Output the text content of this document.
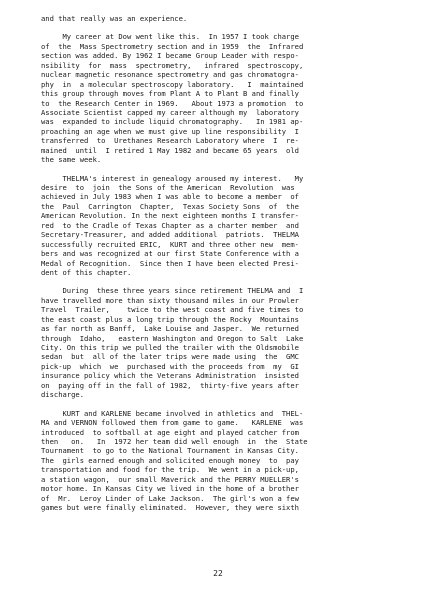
and that really was an experience.
My career at Dow went like this.  In 1957 I took charge
of  the  Mass Spectrometry section and in 1959  the  Infrared
section was added. By 1962 I became Group Leader with respo-
nsibility  for  mass  spectrometry,   infrared  spectroscopy,
nuclear magnetic resonance spectrometry and gas chromatogra-
phy  in  a molecular spectroscopy laboratory.   I  maintained
this group through moves from Plant A to Plant B and finally
to  the Research Center in 1969.   About 1973 a promotion  to
Associate Scientist capped my career although my  laboratory
was  expanded to include liquid chromatography.   In 1981 ap-
proaching an age when we must give up line responsibility  I
transferred  to  Urethanes Research Laboratory where  I  re-
mained  until  I retired 1 May 1982 and became 65 years  old
the same week.
THELMA's interest in genealogy aroused my interest.   My
desire  to  join  the Sons of the American  Revolution  was
achieved in July 1983 when I was able to become a member  of
the  Paul  Carrington  Chapter,  Texas Society Sons  of  the
American Revolution. In the next eighteen months I transfer-
red  to the Cradle of Texas Chapter as a charter member  and
Secretary-Treasurer, and added additional  patriots.  THELMA
successfully recruited ERIC,  KURT and three other new  mem-
bers and was recognized at our first State Conference with a
Medal of Recognition.  Since then I have been elected Presi-
dent of this chapter.
During  these three years since retirement THELMA and  I
have travelled more than sixty thousand miles in our Prowler
Travel  Trailer,    twice to the west coast and five times to
the east coast plus a long trip through the Rocky  Mountains
as far north as Banff,  Lake Louise and Jasper.  We returned
through  Idaho,   eastern Washington and Oregon to Salt  Lake
City. On this trip we pulled the trailer with the Oldsmobile
sedan  but  all of the later trips were made using  the  GMC
pick-up  which  we  purchased with the proceeds from  my  GI
insurance policy which the Veterans Administration  insisted
on  paying off in the fall of 1982,  thirty-five years after
discharge.
KURT and KARLENE became involved in athletics and  THEL-
MA and VERNON followed them from game to game.   KARLENE  was
introduced  to softball at age eight and played catcher from
then   on.   In  1972 her team did well enough  in  the  State
Tournament  to go to the National Tournament in Kansas City.
The  girls earned enough and solicited enough money  to  pay
transportation and food for the trip.  We went in a pick-up,
a station wagon,  our small Maverick and the PERRY MUELLER's
motor home. In Kansas City we lived in the home of a brother
of  Mr.  Leroy Linder of Lake Jackson.  The girl's won a few
games but were finally eliminated.  However, they were sixth
22
